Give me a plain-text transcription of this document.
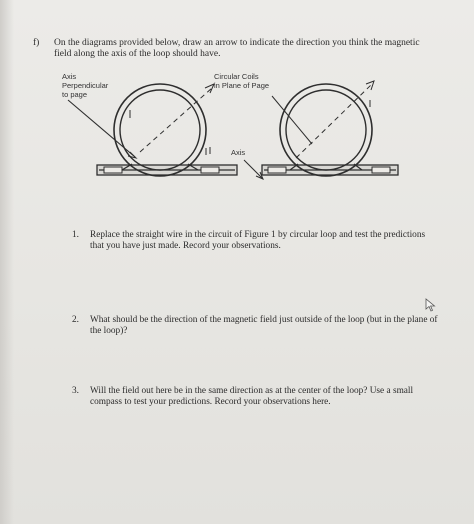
f) On the diagrams provided below, draw an arrow to indicate the direction you think the magnetic field along the axis of the loop should have.
Axis
Perpendicular
to page
Circular Coils
in Plane of Page
Axis
1. Replace the straight wire in the circuit of Figure 1 by circular loop and test the predictions that you have just made. Record your observations.
2. What should be the direction of the magnetic field just outside of the loop (but in the plane of the loop)?
3. Will the field out here be in the same direction as at the center of the loop? Use a small compass to test your predictions. Record your observations here.
